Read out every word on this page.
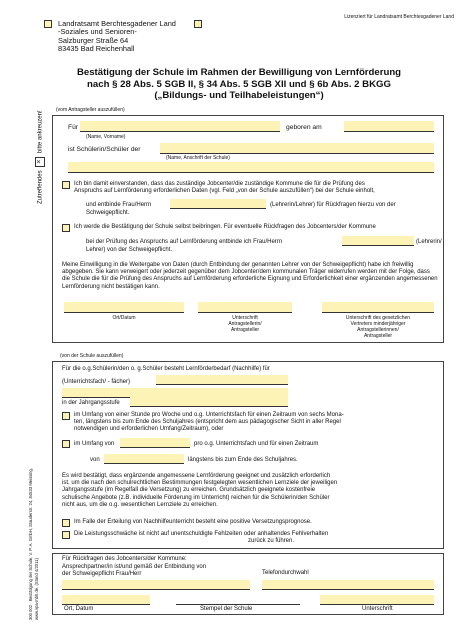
Lizenziert für Landratsamt Berchtesgadener Land
Landratsamt Berchtesgadener Land
-Soziales und Senioren-
Salzburger Straße 64
83435 Bad Reichenhall
Zutreffendes × bitte ankreuzen!
300 002 · Bestätigung der Schule, V. P. A. GmbH, Stauderstr. 24, 84533 Meissing, www.vpa-mbh.de, (Stand 4/2011)
Bestätigung der Schule im Rahmen der Bewilligung von Lernförderung
nach § 28 Abs. 5 SGB II, § 34 Abs. 5 SGB XII und § 6b Abs. 2 BKGG
(„Bildungs- und Teilhabeleistungen“)
(vom Antragsteller auszufüllen)
Für
(Name, Vorname)
geboren am
ist Schülerin/Schüler der
(Name, Anschrift der Schule)
Ich bin damit einverstanden, dass das zuständige Jobcenter/die zuständige Kommune die für die Prüfung des
Anspruchs auf Lernförderung erforderlichen Daten (vgl. Feld „von der Schule auszufüllen“) bei der Schule einholt,
und entbinde Frau/Herrn	(Lehrerin/Lehrer) für Rückfragen hierzu von der
Schweigepflicht.
Ich werde die Bestätigung der Schule selbst beibringen. Für eventuelle Rückfragen des Jobcenters/der Kommune
bei der Prüfung des Anspruchs auf Lernförderung entbinde ich Frau/Herrn	(Lehrerin/
Lehrer) von der Schweigepflicht.
Meine Einwilligung in die Weitergabe von Daten (durch Entbindung der genannten Lehrer von der Schweigepflicht) habe ich freiwillig abgegeben. Sie kann verweigert oder jederzeit gegenüber dem Jobcenter/dem kommunalen Träger widerrufen werden mit der Folge, dass die Schule die für die Prüfung des Anspruchs auf Lernförderung erforderliche Eignung und Erforderlichkeit einer ergänzenden angemessenen Lernförderung nicht bestätigen kann.
Ort/Datum	Unterschrift
Antragstellerin/
Antragsteller
Unterschrift des gesetzlichen
Vertreters minderjähriger
Antragstellerinnen/
Antragsteller
(von der Schule auszufüllen)
Für die o.g.Schülerin/den o. g.Schüler besteht Lernförderbedarf (Nachhilfe) für
(Unterrichtsfach/ - fächer)
in der Jahrgangsstufe
im Umfang von einer Stunde pro Woche und o.g. Unterrichtsfach für einen Zeitraum von sechs Mona-
ten, längstens bis zum Ende des Schuljahres (entspricht dem aus pädagogischer Sicht in aller Regel
notwendigen und erforderlichen Umfang/Zeitraum), oder
im Umfang von	pro o.g. Unterrichtsfach und für einen Zeitraum
von	längstens bis zum Ende des Schuljahres.
Es wird bestätigt, dass ergänzende angemessene Lernförderung geeignet und zusätzlich erforderlich
ist, um die nach den schulrechtlichen Bestimmungen festgelegten wesentlichen Lernziele der jeweiligen
Jahrgangsstufe (im Regelfall die Versetzung) zu erreichen. Grundsätzlich geeignete kostenfreie
schulische Angebote (z.B. individuelle Förderung im Unterricht) reichen für die Schülerin/den Schüler
nicht aus, um die o.g. wesentlichen Lernziele zu erreichen.
Im Falle der Erteilung von Nachhilfeunterricht besteht eine positive Versetzungsprognose.
Die Leistungsschwäche ist nicht auf unentschuldigte Fehlzeiten oder anhaltendes Fehlverhalten
zurück zu führen.
Für Rückfragen des Jobcenters/der Kommune:
Ansprechpartner/in ist/und gemäß der Entbindung von
der Schweigepflicht Frau/Herr	Telefondurchwahl
Ort, Datum	Stempel der Schule	Unterschrift
